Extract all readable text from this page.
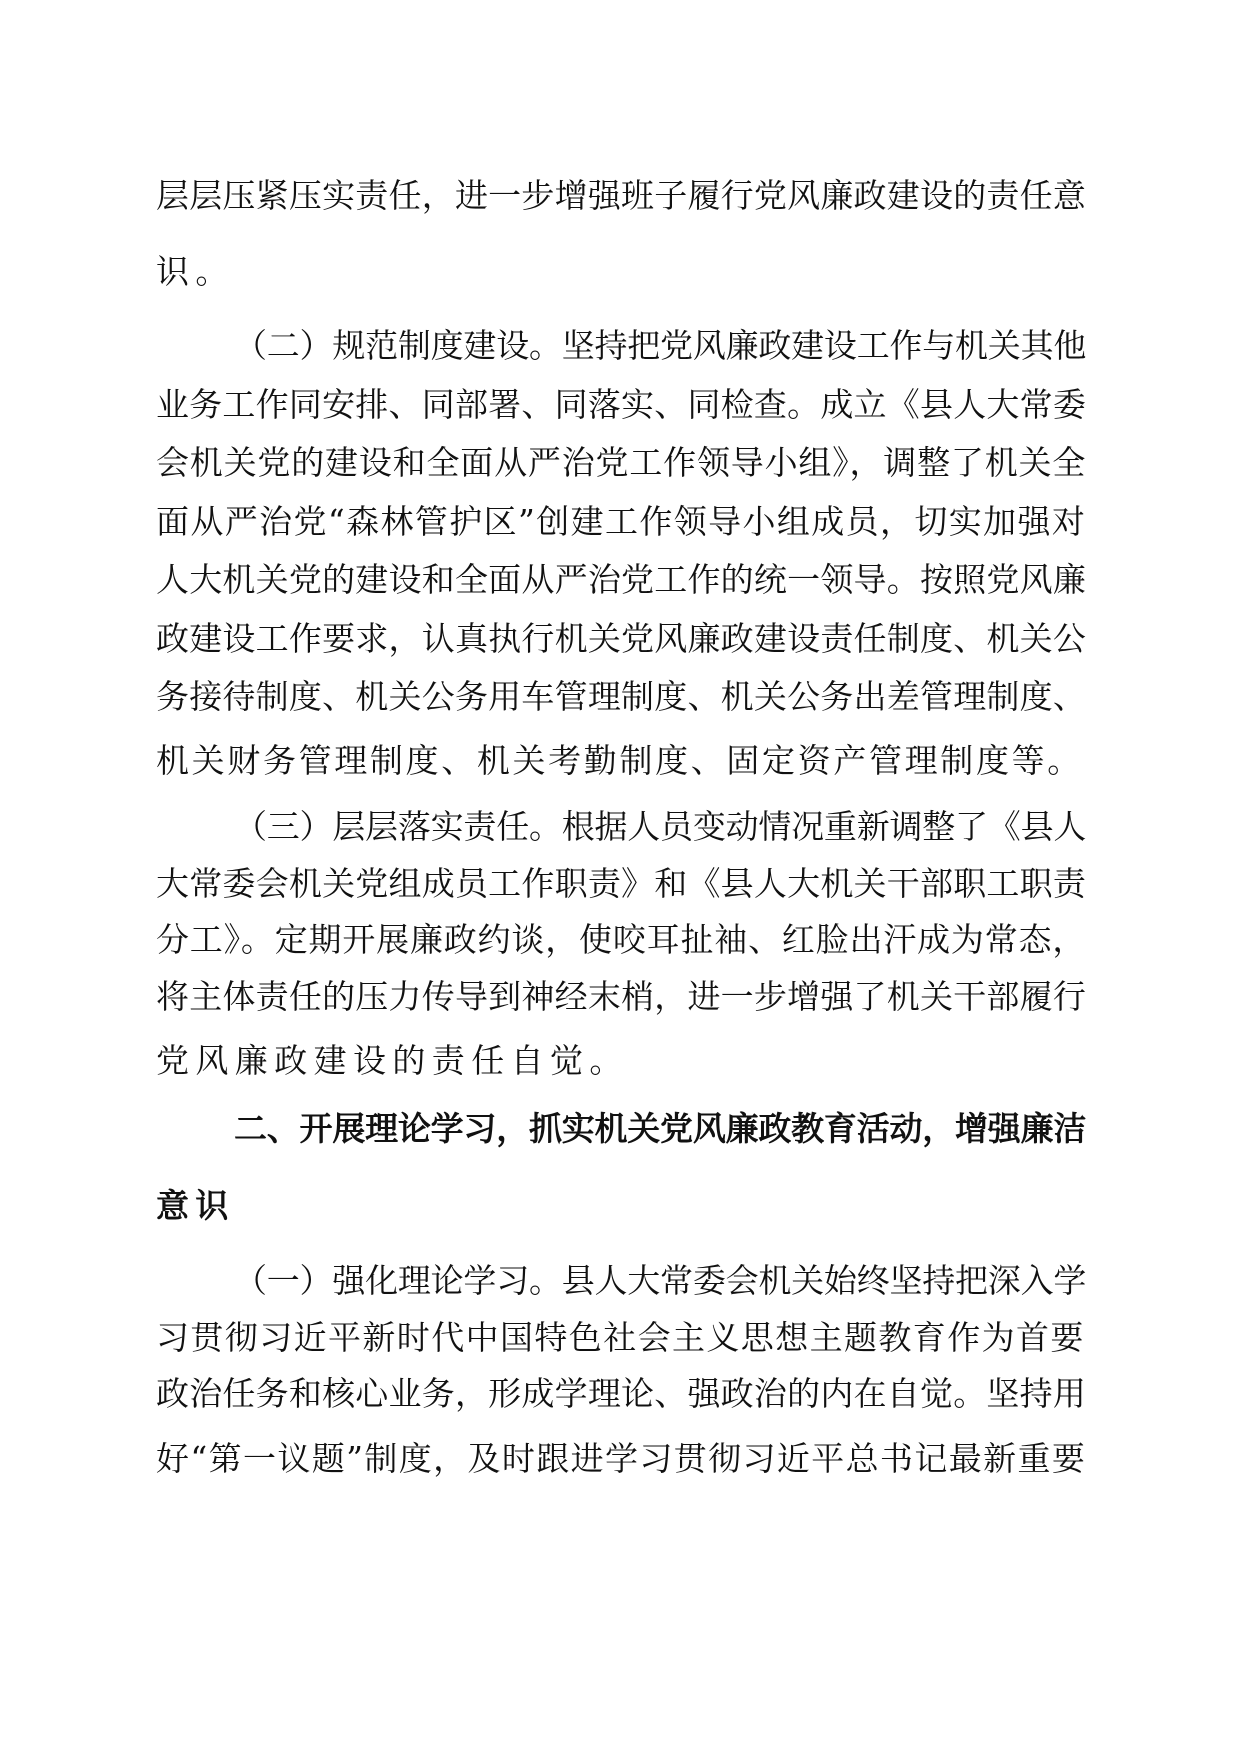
层层压紧压实责任，进一步增强班子履行党风廉政建设的责任意
识。
（二）规范制度建设。坚持把党风廉政建设工作与机关其他
业务工作同安排、同部署、同落实、同检查。成立《县人大常委
会机关党的建设和全面从严治党工作领导小组》，调整了机关全
面从严治党“森林管护区”创建工作领导小组成员，切实加强对
人大机关党的建设和全面从严治党工作的统一领导。按照党风廉
政建设工作要求，认真执行机关党风廉政建设责任制度、机关公
务接待制度、机关公务用车管理制度、机关公务出差管理制度、
机关财务管理制度、机关考勤制度、固定资产管理制度等。
（三）层层落实责任。根据人员变动情况重新调整了《县人
大常委会机关党组成员工作职责》和《县人大机关干部职工职责
分工》。定期开展廉政约谈，使咬耳扯袖、红脸出汗成为常态，
将主体责任的压力传导到神经末梢，进一步增强了机关干部履行
党风廉政建设的责任自觉。
二、开展理论学习，抓实机关党风廉政教育活动，增强廉洁
意识
（一）强化理论学习。县人大常委会机关始终坚持把深入学
习贯彻习近平新时代中国特色社会主义思想主题教育作为首要
政治任务和核心业务，形成学理论、强政治的内在自觉。坚持用
好“第一议题”制度，及时跟进学习贯彻习近平总书记最新重要
